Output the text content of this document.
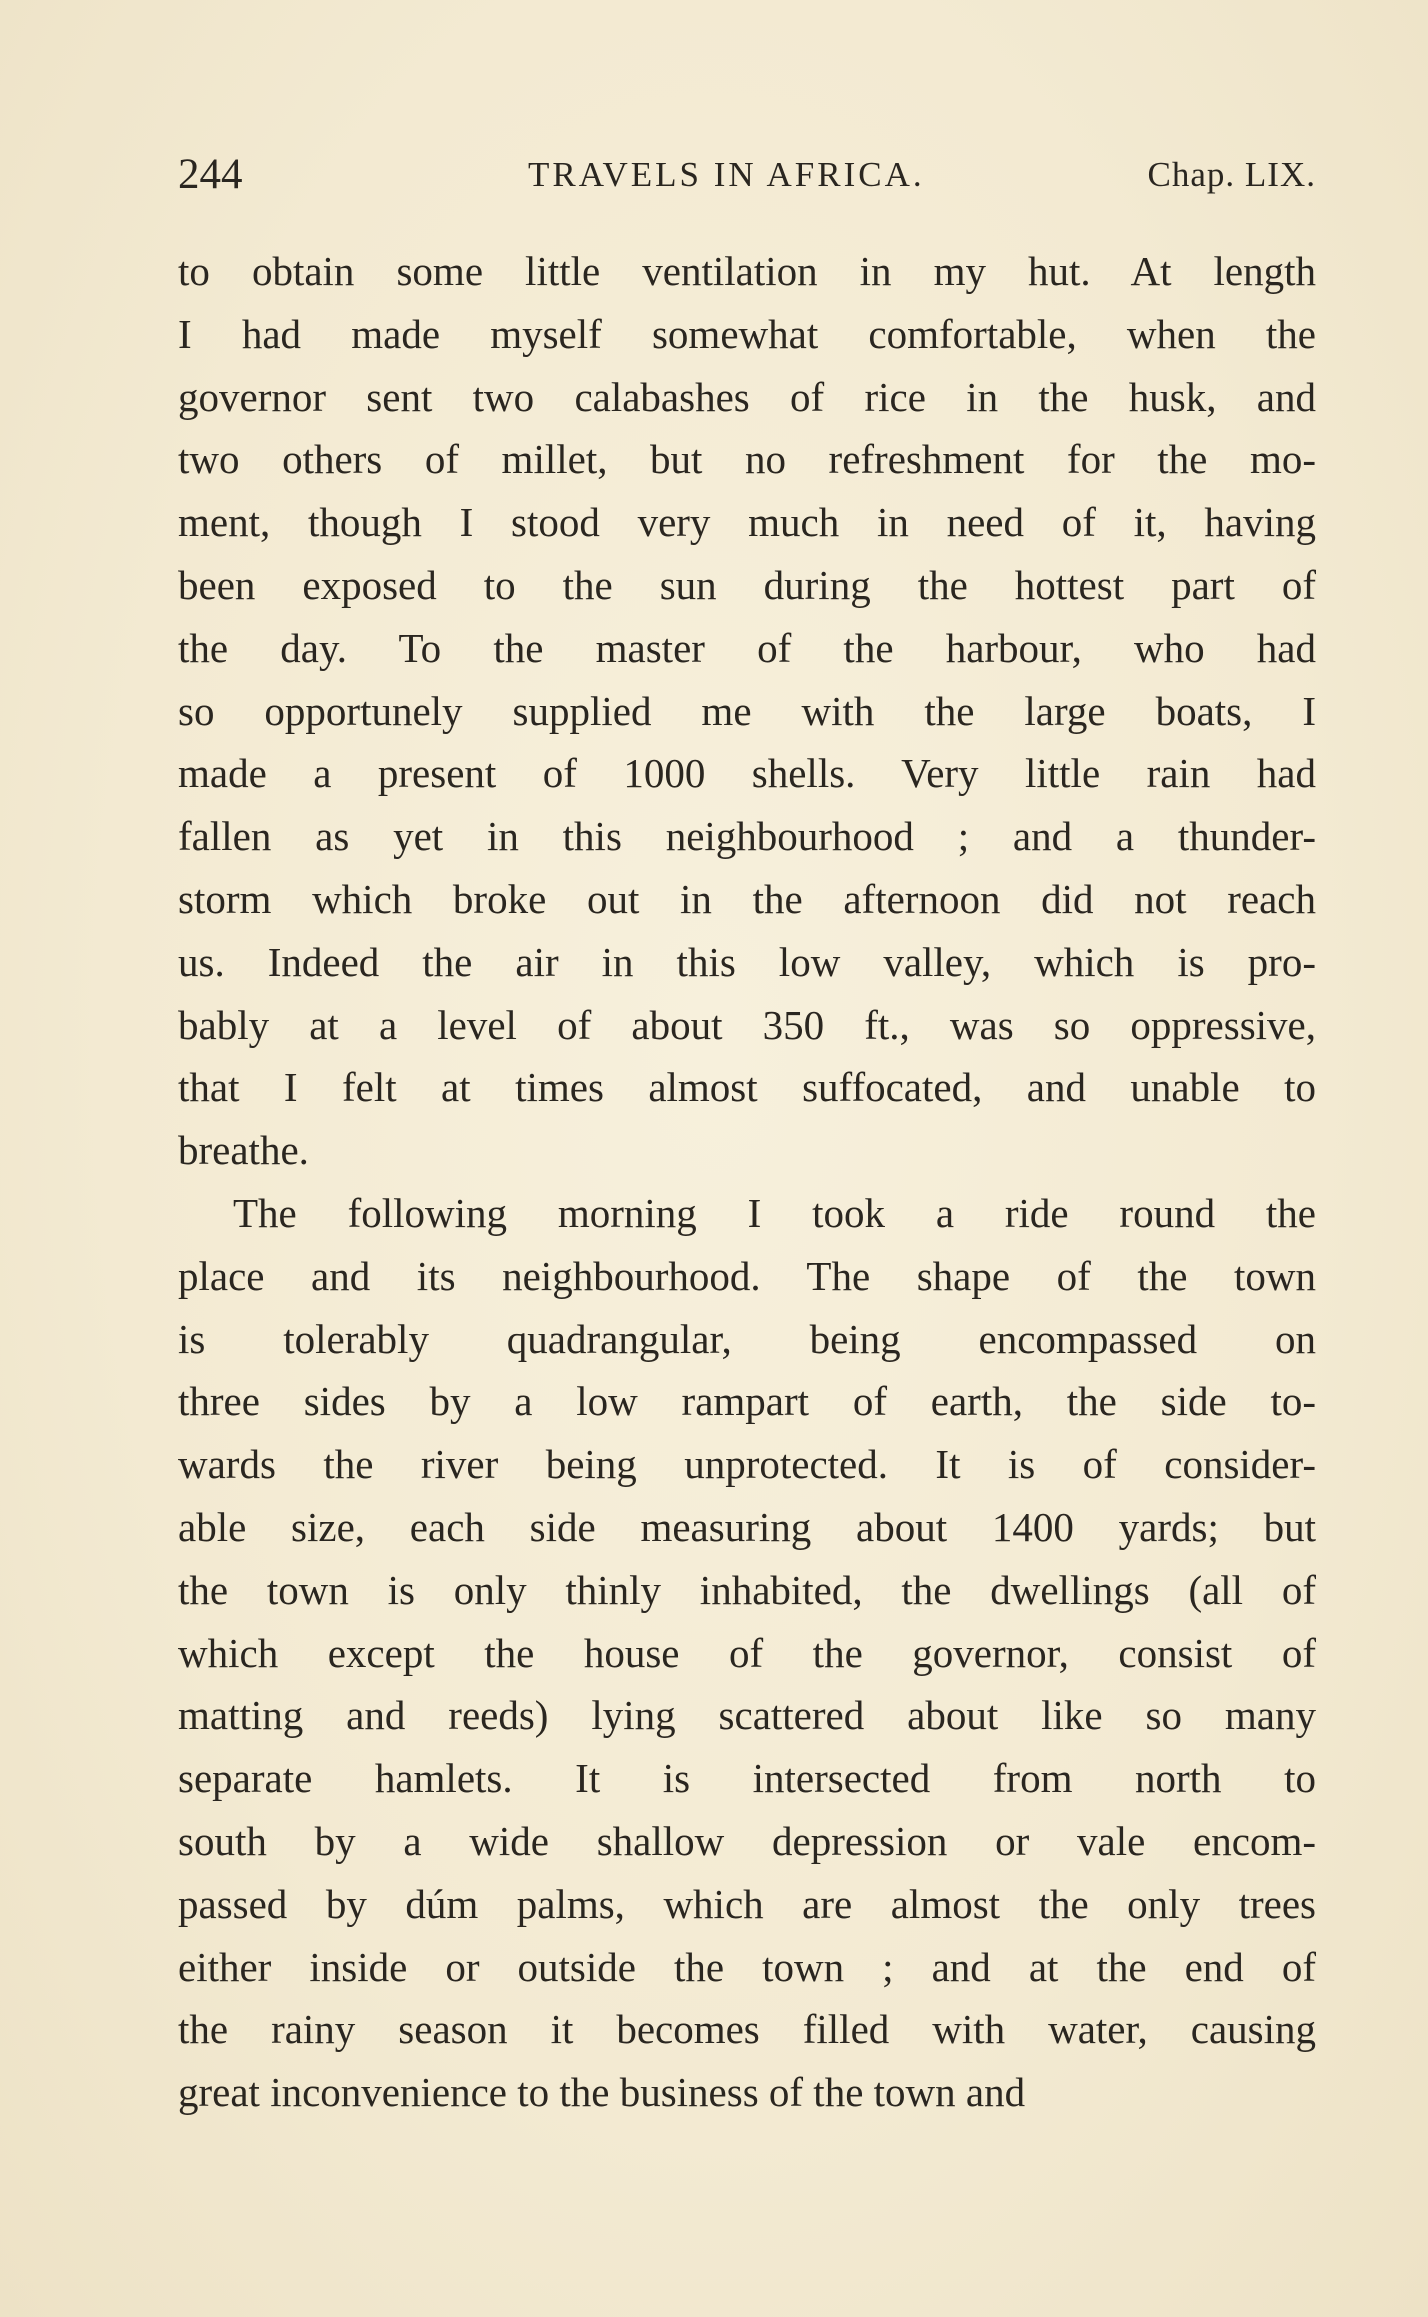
244	TRAVELS IN AFRICA.	Chap. LIX.
to obtain some little ventilation in my hut. At length
I had made myself somewhat comfortable, when the
governor sent two calabashes of rice in the husk, and
two others of millet, but no refreshment for the mo-
ment, though I stood very much in need of it, having
been exposed to the sun during the hottest part of
the day. To the master of the harbour, who had
so opportunely supplied me with the large boats, I
made a present of 1000 shells. Very little rain had
fallen as yet in this neighbourhood ; and a thunder-
storm which broke out in the afternoon did not reach
us. Indeed the air in this low valley, which is pro-
bably at a level of about 350 ft., was so oppressive,
that I felt at times almost suffocated, and unable to
breathe.
The following morning I took a ride round the
place and its neighbourhood. The shape of the town
is tolerably quadrangular, being encompassed on
three sides by a low rampart of earth, the side to-
wards the river being unprotected. It is of consider-
able size, each side measuring about 1400 yards; but
the town is only thinly inhabited, the dwellings (all of
which except the house of the governor, consist of
matting and reeds) lying scattered about like so many
separate hamlets. It is intersected from north to
south by a wide shallow depression or vale encom-
passed by dúm palms, which are almost the only trees
either inside or outside the town ; and at the end of
the rainy season it becomes filled with water, causing
great inconvenience to the business of the town and
